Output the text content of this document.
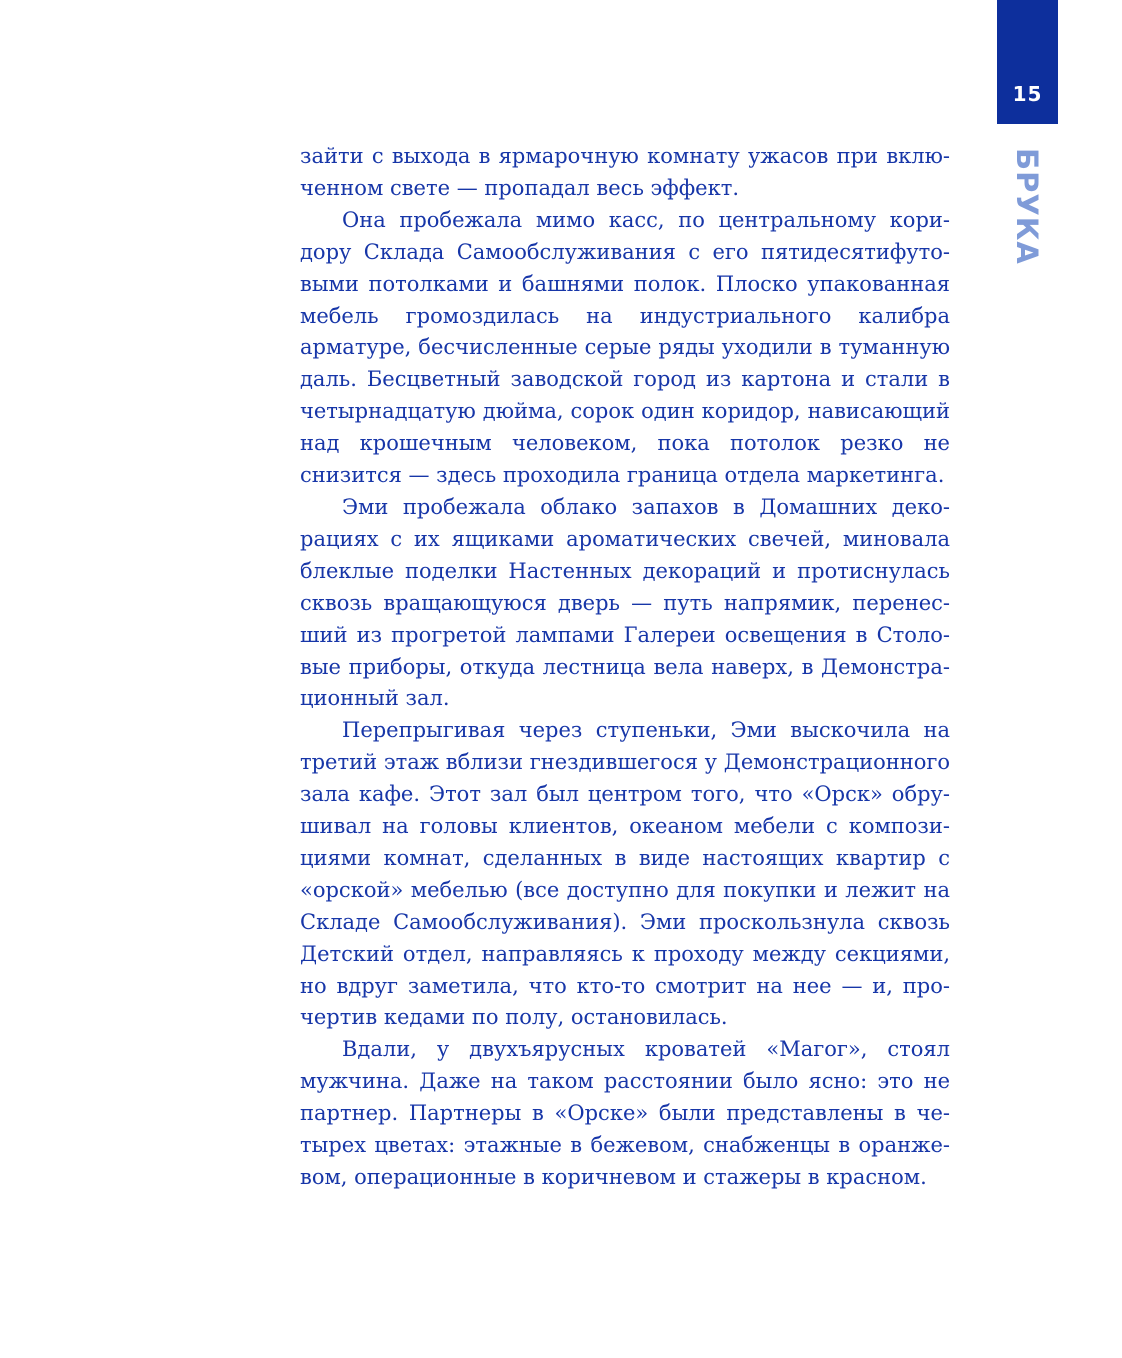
15
БРУКА

зайти с выхода в ярмарочную комнату ужасов при включенном свете — пропадал весь эффект.

Она пробежала мимо касс, по центральному коридору Склада Самообслуживания с его пятидесятифутовыми потолками и башнями полок. Плоско упакованная мебель громоздилась на индустриального калибра арматуре, бесчисленные серые ряды уходили в туманную даль. Бесцветный заводской город из картона и стали в четырнадцатую дюйма, сорок один коридор, нависающий над крошечным человеком, пока потолок резко не снизится — здесь проходила граница отдела маркетинга.

Эми пробежала облако запахов в Домашних декорациях с их ящиками ароматических свечей, миновала блеклые поделки Настенных декораций и протиснулась сквозь вращающуюся дверь — путь напрямик, перенесший из прогретой лампами Галереи освещения в Столовые приборы, откуда лестница вела наверх, в Демонстрационный зал.

Перепрыгивая через ступеньки, Эми выскочила на третий этаж вблизи гнездившегося у Демонстрационного зала кафе. Этот зал был центром того, что «Орск» обрушивал на головы клиентов, океаном мебели с композициями комнат, сделанных в виде настоящих квартир с «орской» мебелью (все доступно для покупки и лежит на Складе Самообслуживания). Эми проскользнула сквозь Детский отдел, направляясь к проходу между секциями, но вдруг заметила, что кто-то смотрит на нее — и, прочертив кедами по полу, остановилась.

Вдали, у двухъярусных кроватей «Магог», стоял мужчина. Даже на таком расстоянии было ясно: это не партнер. Партнеры в «Орске» были представлены в четырех цветах: этажные в бежевом, снабженцы в оранжевом, операционные в коричневом и стажеры в красном.
